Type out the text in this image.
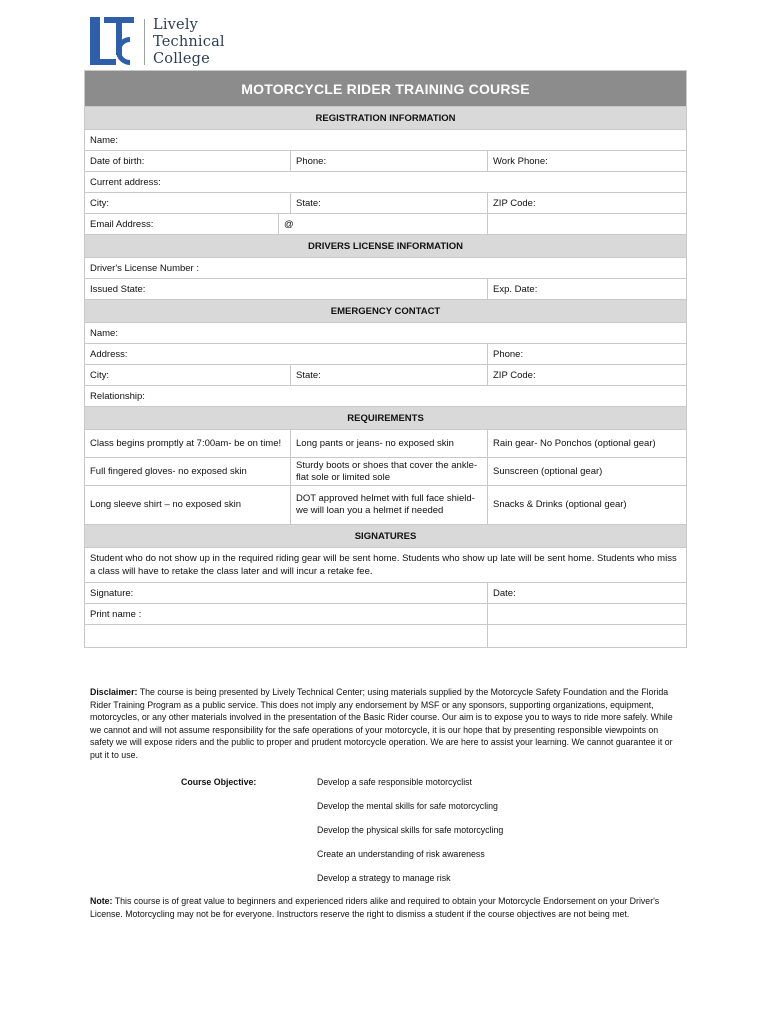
Lively
Technical
College
MOTORCYCLE RIDER TRAINING COURSE			
REGISTRATION INFORMATION			
Name:			
Date of birth:		Phone:	Work Phone:
Current address:			
City:		State:	ZIP Code:
Email Address:	@		
DRIVERS LICENSE INFORMATION			
Driver's License Number :			
Issued State:			Exp. Date:
EMERGENCY CONTACT			
Name:			
Address:			Phone:
City:		State:	ZIP Code:
Relationship:			
REQUIREMENTS			
Class begins promptly at 7:00am- be on time!		Long pants or jeans- no exposed skin	Rain gear- No Ponchos (optional gear)
Full fingered gloves- no exposed skin		Sturdy boots or shoes that cover the ankle- flat sole or limited sole	Sunscreen (optional gear)
Long sleeve shirt – no exposed skin		DOT approved helmet with full face shield- we will loan you a helmet if needed	Snacks & Drinks (optional gear)
SIGNATURES			
Student who do not show up in the required riding gear will be sent home. Students who show up late will be sent home. Students who miss a class will have to retake the class later and will incur a retake fee.			
Signature:			Date:
Print name :			

Disclaimer: The course is being presented by Lively Technical Center; using materials supplied by the Motorcycle Safety Foundation and the Florida Rider Training Program as a public service. This does not imply any endorsement by MSF or any sponsors, supporting organizations, equipment, motorcycles, or any other materials involved in the presentation of the Basic Rider course. Our aim is to expose you to ways to ride more safely. While we cannot and will not assume responsibility for the safe operations of your motorcycle, it is our hope that by presenting responsible viewpoints on safety we will expose riders and the public to proper and prudent motorcycle operation. We are here to assist your learning. We cannot guarantee it or put it to use.
Course Objective:	Develop a safe responsible motorcyclist
Develop the mental skills for safe motorcycling
Develop the physical skills for safe motorcycling
Create an understanding of risk awareness
Develop a strategy to manage risk
Note: This course is of great value to beginners and experienced riders alike and required to obtain your Motorcycle Endorsement on your Driver's License. Motorcycling may not be for everyone. Instructors reserve the right to dismiss a student if the course objectives are not being met.
